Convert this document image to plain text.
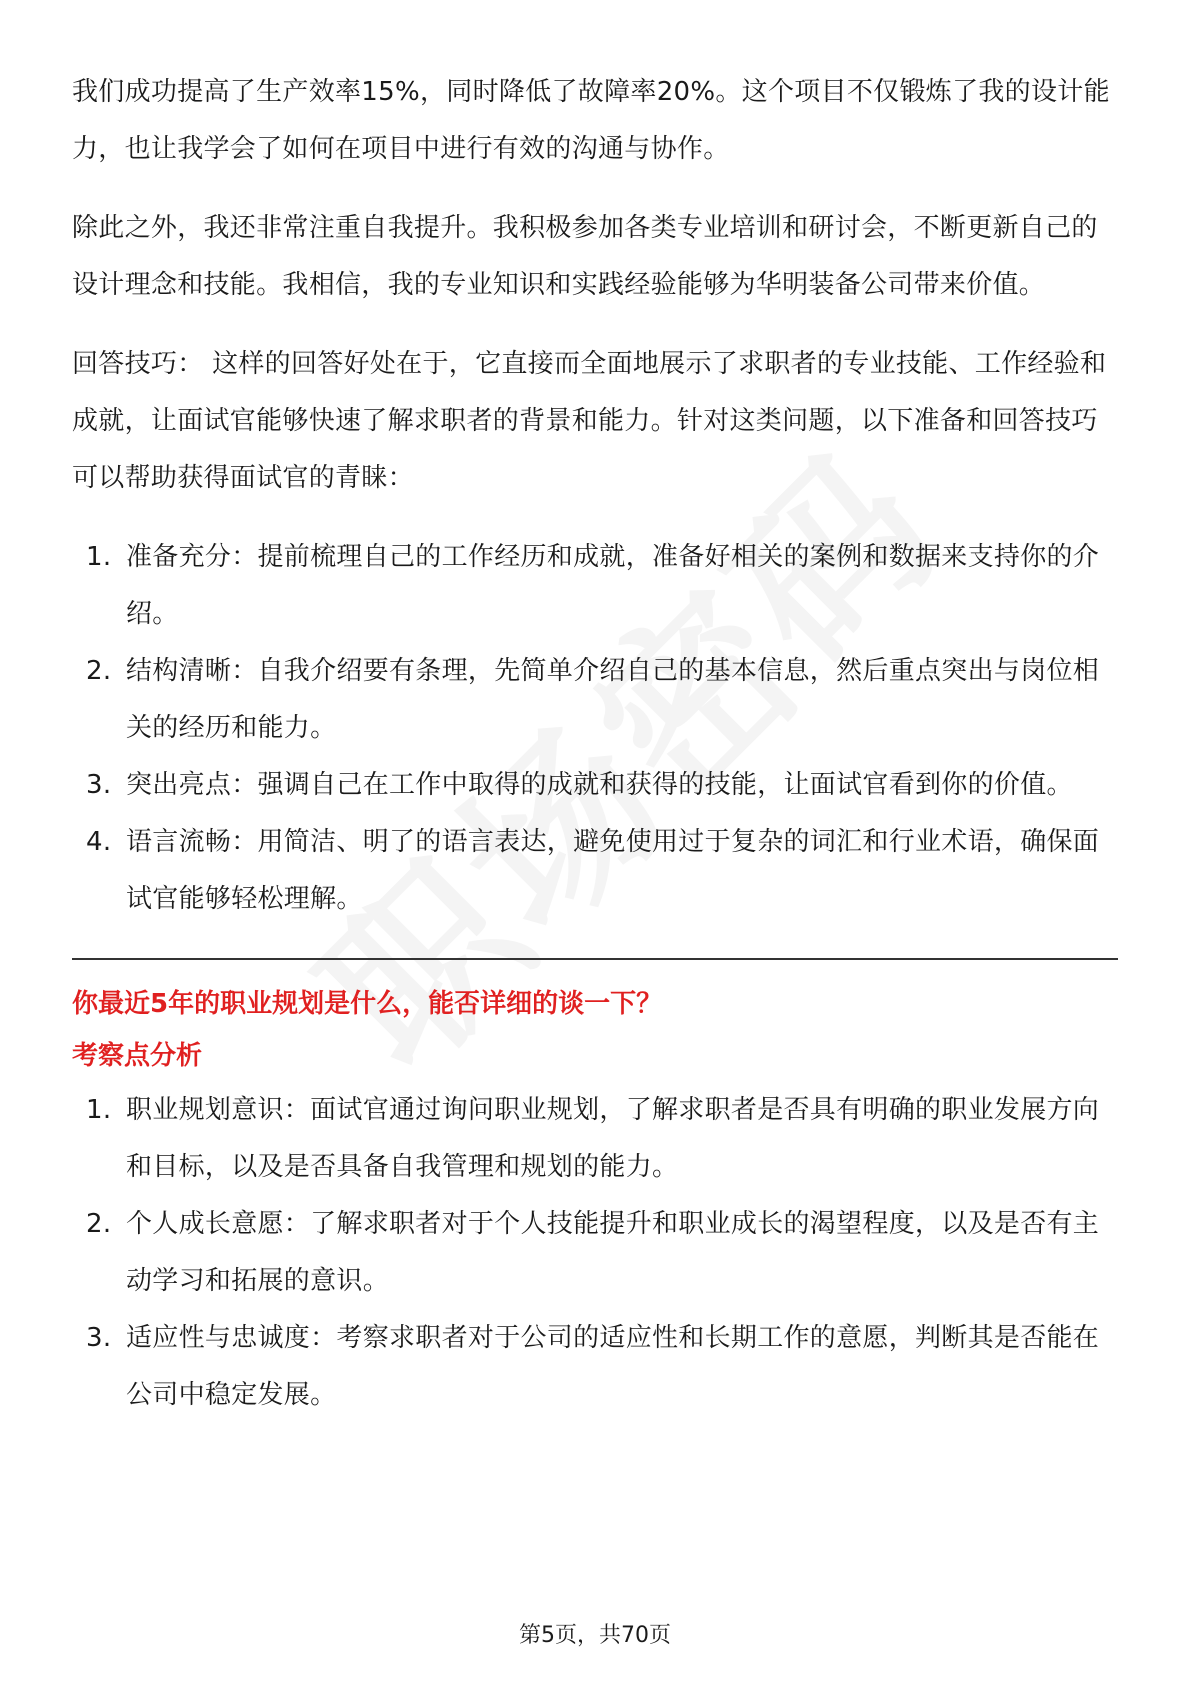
我们成功提高了生产效率15%，同时降低了故障率20%。这个项目不仅锻炼了我的设计能力，也让我学会了如何在项目中进行有效的沟通与协作。

除此之外，我还非常注重自我提升。我积极参加各类专业培训和研讨会，不断更新自己的设计理念和技能。我相信，我的专业知识和实践经验能够为华明装备公司带来价值。

回答技巧： 这样的回答好处在于，它直接而全面地展示了求职者的专业技能、工作经验和成就，让面试官能够快速了解求职者的背景和能力。针对这类问题，以下准备和回答技巧可以帮助获得面试官的青睐：

1. 准备充分：提前梳理自己的工作经历和成就，准备好相关的案例和数据来支持你的介绍。
2. 结构清晰：自我介绍要有条理，先简单介绍自己的基本信息，然后重点突出与岗位相关的经历和能力。
3. 突出亮点：强调自己在工作中取得的成就和获得的技能，让面试官看到你的价值。
4. 语言流畅：用简洁、明了的语言表达，避免使用过于复杂的词汇和行业术语，确保面试官能够轻松理解。
你最近5年的职业规划是什么，能否详细的谈一下？
考察点分析
1. 职业规划意识：面试官通过询问职业规划，了解求职者是否具有明确的职业发展方向和目标，以及是否具备自我管理和规划的能力。
2. 个人成长意愿：了解求职者对于个人技能提升和职业成长的渴望程度，以及是否有主动学习和拓展的意识。
3. 适应性与忠诚度：考察求职者对于公司的适应性和长期工作的意愿，判断其是否能在公司中稳定发展。
第5页，共70页
